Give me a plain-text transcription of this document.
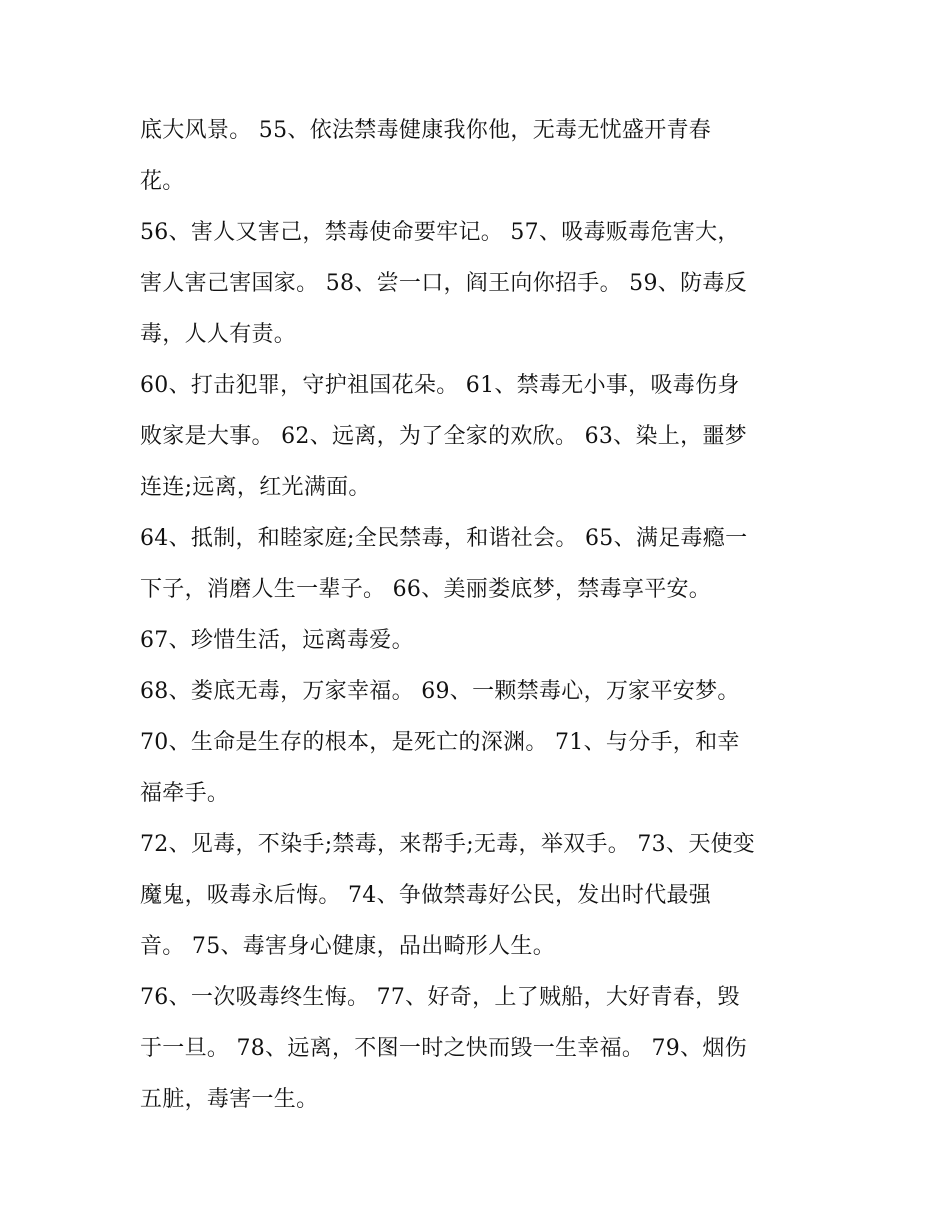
底大风景。 55、依法禁毒健康我你他，无毒无忧盛开青春
花。
56、害人又害己，禁毒使命要牢记。 57、吸毒贩毒危害大，
害人害己害国家。 58、尝一口，阎王向你招手。 59、防毒反
毒，人人有责。
60、打击犯罪，守护祖国花朵。 61、禁毒无小事，吸毒伤身
败家是大事。 62、远离，为了全家的欢欣。 63、染上，噩梦
连连;远离，红光满面。
64、抵制，和睦家庭;全民禁毒，和谐社会。 65、满足毒瘾一
下子，消磨人生一辈子。 66、美丽娄底梦，禁毒享平安。
67、珍惜生活，远离毒爱。
68、娄底无毒，万家幸福。 69、一颗禁毒心，万家平安梦。
70、生命是生存的根本，是死亡的深渊。 71、与分手，和幸
福牵手。
72、见毒，不染手;禁毒，来帮手;无毒，举双手。 73、天使变
魔鬼，吸毒永后悔。 74、争做禁毒好公民，发出时代最强
音。 75、毒害身心健康，品出畸形人生。
76、一次吸毒终生悔。 77、好奇，上了贼船，大好青春，毁
于一旦。 78、远离，不图一时之快而毁一生幸福。 79、烟伤
五脏，毒害一生。
